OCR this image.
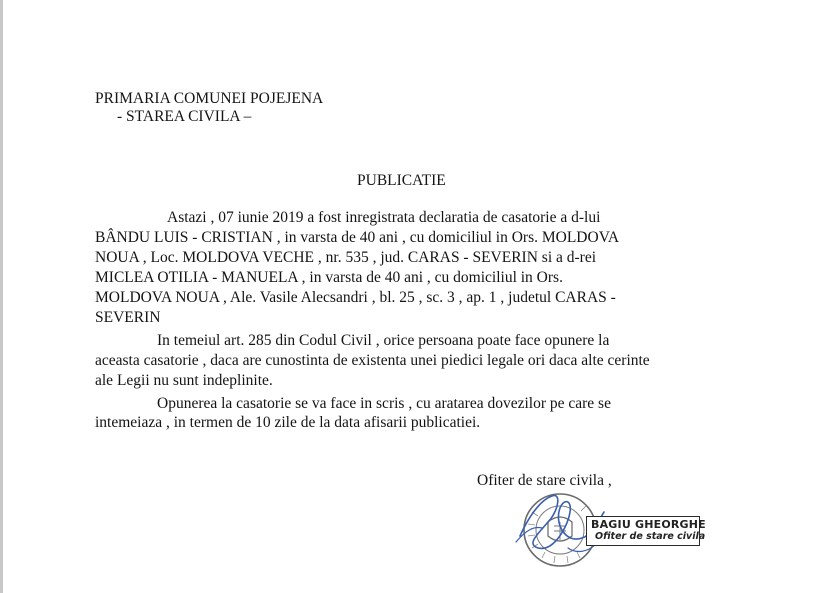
PRIMARIA COMUNEI POJEJENA
- STAREA CIVILA –
PUBLICATIE
Astazi , 07 iunie 2019 a fost inregistrata declaratia de casatorie a d-lui
BÂNDU LUIS - CRISTIAN , in varsta de 40 ani , cu domiciliul in Ors. MOLDOVA
NOUA , Loc. MOLDOVA VECHE , nr. 535 , jud. CARAS - SEVERIN si a d-rei
MICLEA OTILIA - MANUELA , in varsta de 40 ani , cu domiciliul in Ors.
MOLDOVA NOUA , Ale. Vasile Alecsandri , bl. 25 , sc. 3 , ap. 1 , judetul CARAS -
SEVERIN
In temeiul art. 285 din Codul Civil , orice persoana poate face opunere la
aceasta casatorie , daca are cunostinta de existenta unei piedici legale ori daca alte cerinte
ale Legii nu sunt indeplinite.
Opunerea la casatorie se va face in scris , cu aratarea dovezilor pe care se
intemeiaza , in termen de 10 zile de la data afisarii publicatiei.
Ofiter de stare civila ,
BAGIU GHEORGHE
Ofiter de stare civila
